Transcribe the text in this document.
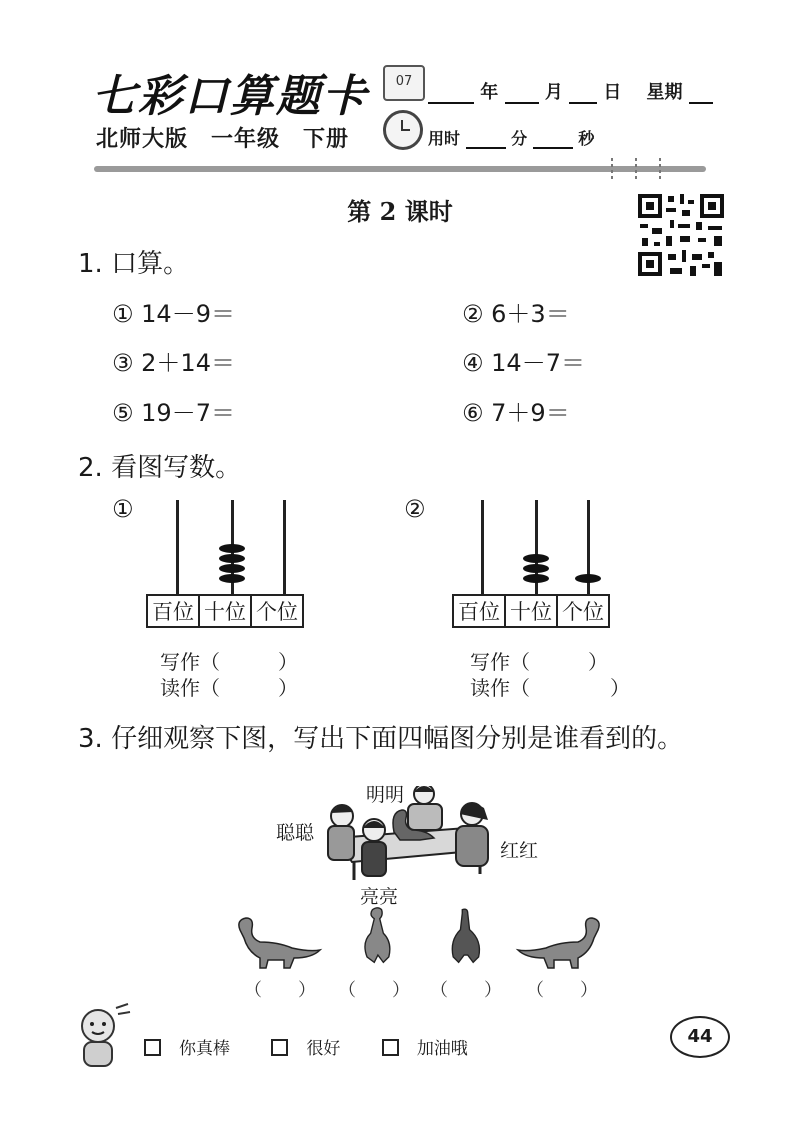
七彩口算题卡	07
年	月 日 星期
北师大版　一年级　下册	用时	分	秒
第 2 课时
1. 口算。
① 14－9＝	② 6＋3＝
③ 2＋14＝	④ 14－7＝
⑤ 19－7＝	⑥ 7＋9＝
2. 看图写数。
①
百位	十位	个位
写作（	）
读作（	）
②
百位	十位	个位
写作（	）
读作（	）
3. 仔细观察下图，写出下面四幅图分别是谁看到的。
明明
聪聪
红红
亮亮
（　　） （　　） （　　） （　　）
你真棒	很好	加油哦
44
